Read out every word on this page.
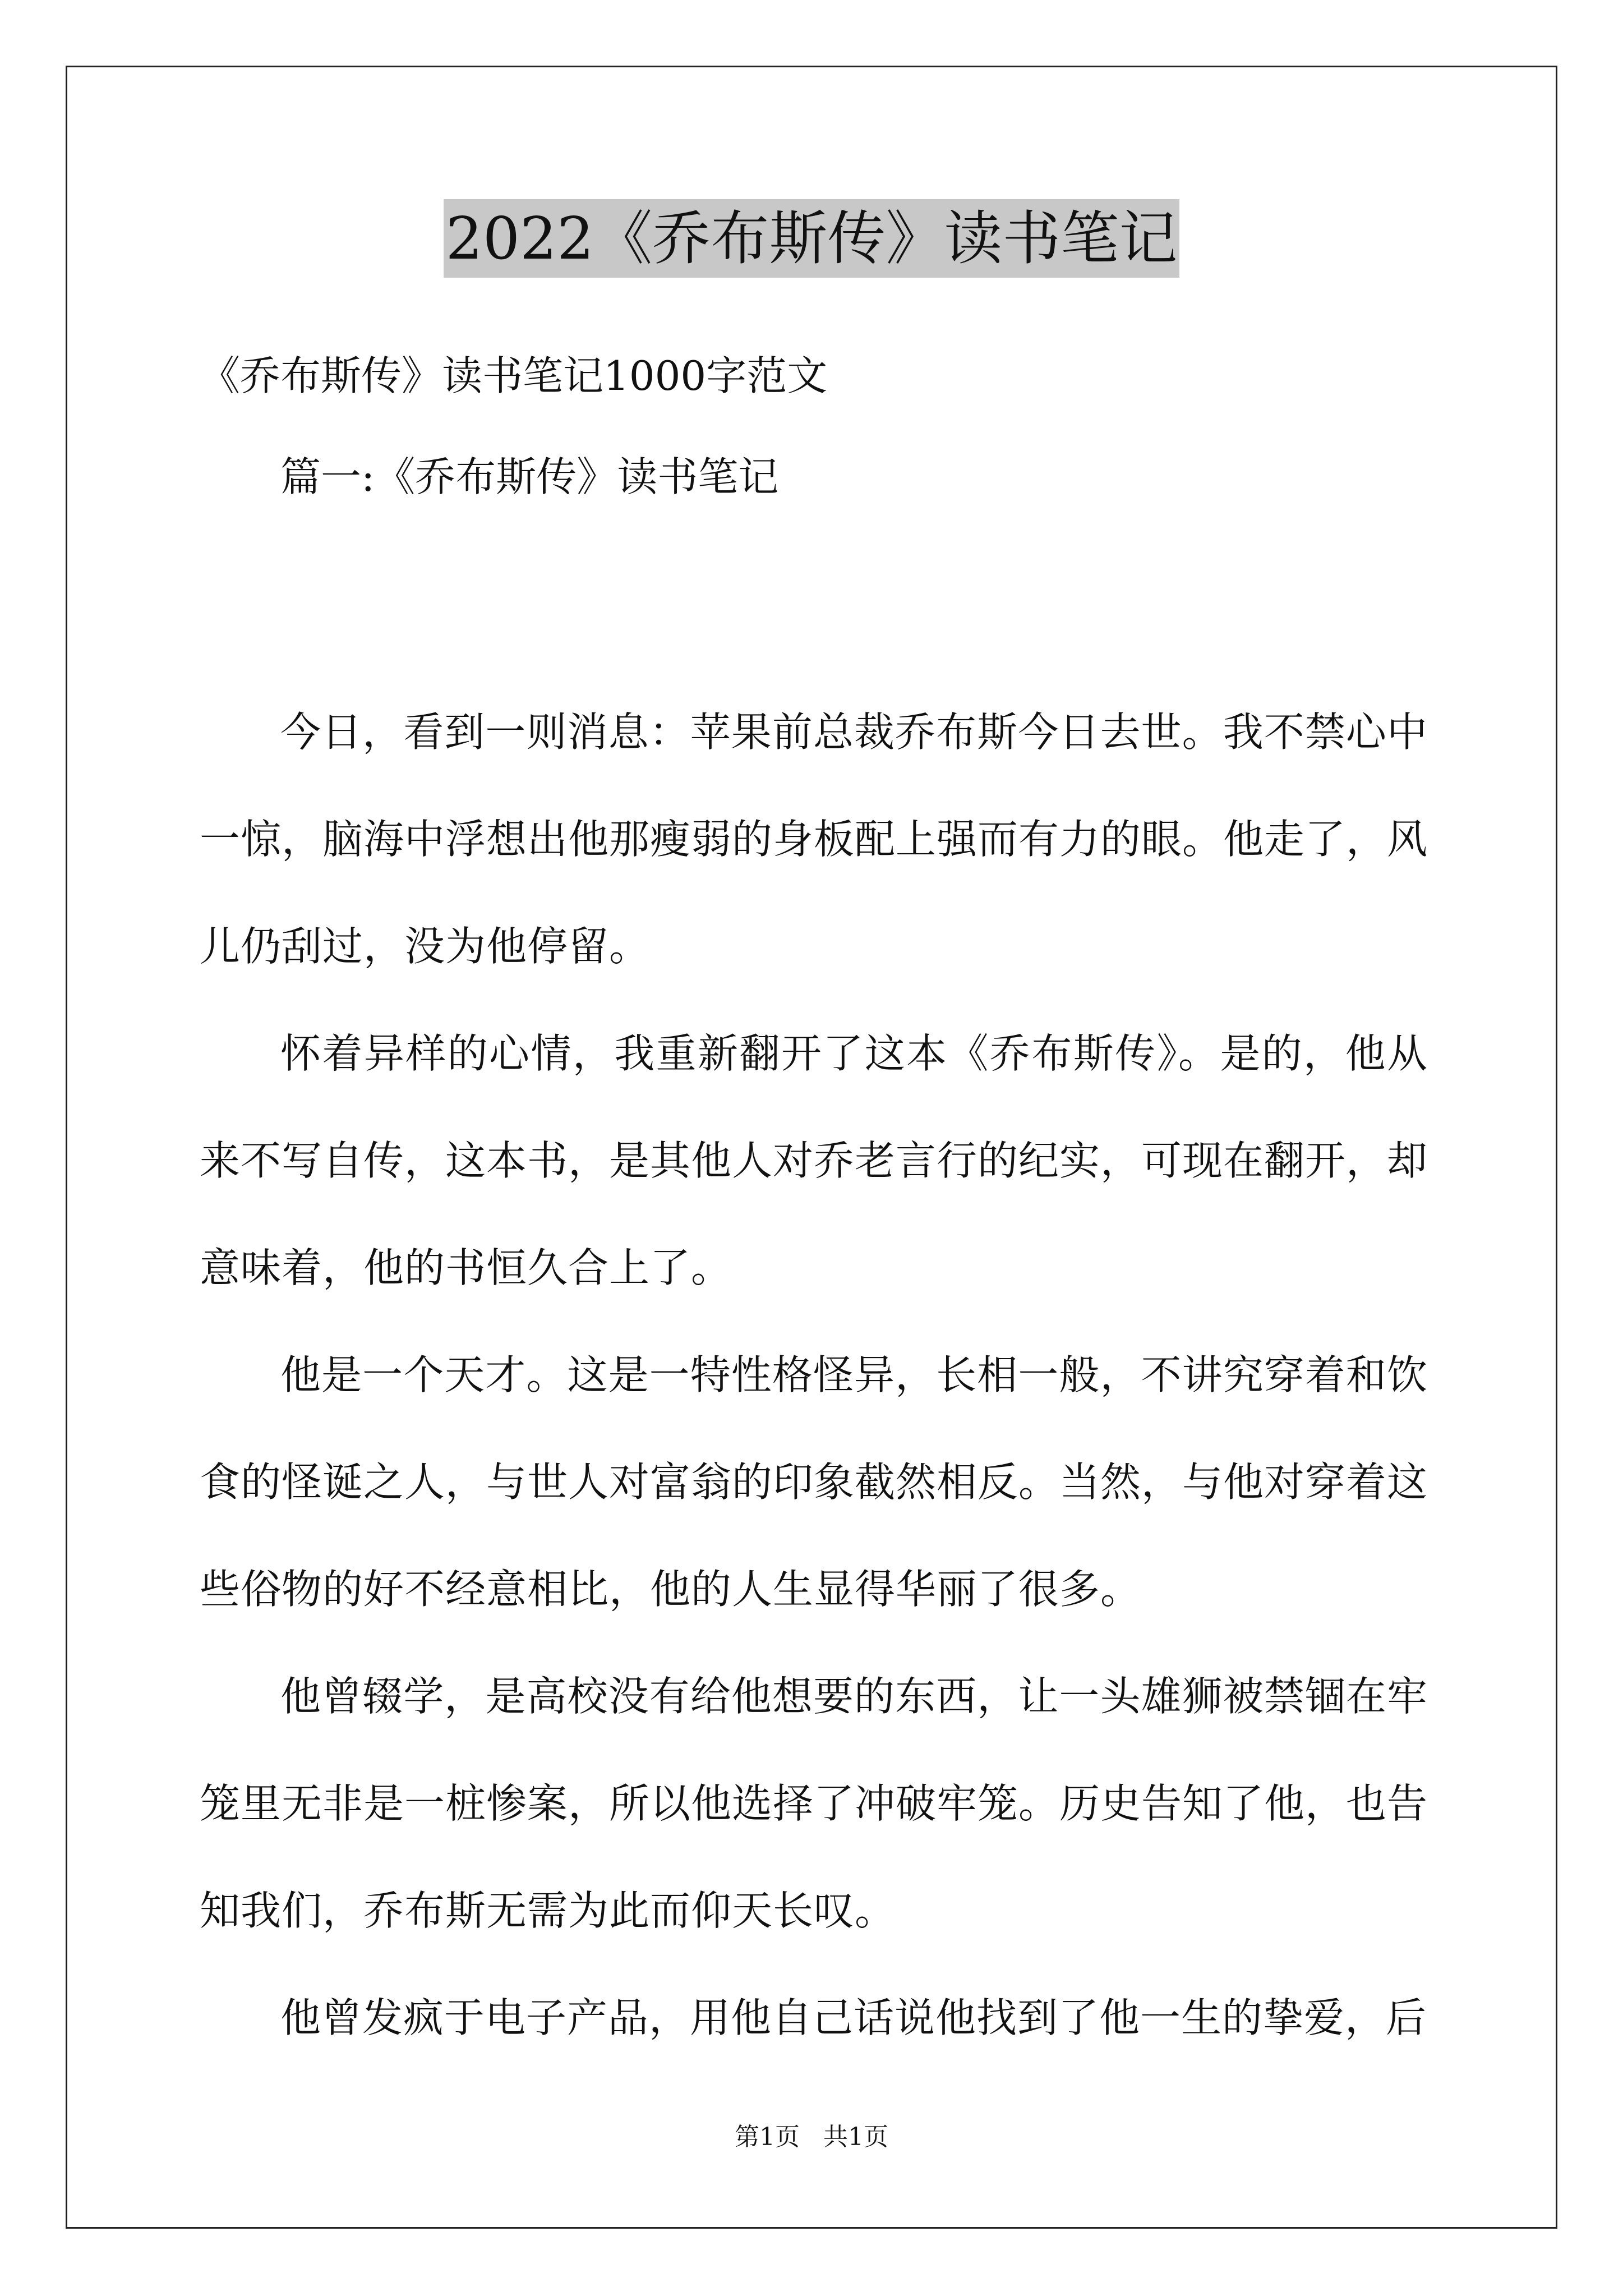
2022《乔布斯传》读书笔记

《乔布斯传》读书笔记1000字范文

篇一:《乔布斯传》读书笔记

今日，看到一则消息：苹果前总裁乔布斯今日去世。我不禁心中一惊，脑海中浮想出他那瘦弱的身板配上强而有力的眼。他走了，风儿仍刮过，没为他停留。

怀着异样的心情，我重新翻开了这本《乔布斯传》。是的，他从来不写自传，这本书，是其他人对乔老言行的纪实，可现在翻开，却意味着，他的书恒久合上了。

他是一个天才。这是一特性格怪异，长相一般，不讲究穿着和饮食的怪诞之人，与世人对富翁的印象截然相反。当然，与他对穿着这些俗物的好不经意相比，他的人生显得华丽了很多。

他曾辍学，是高校没有给他想要的东西，让一头雄狮被禁锢在牢笼里无非是一桩惨案，所以他选择了冲破牢笼。历史告知了他，也告知我们，乔布斯无需为此而仰天长叹。

他曾发疯于电子产品，用他自己话说他找到了他一生的挚爱，后

第1页 共1页
